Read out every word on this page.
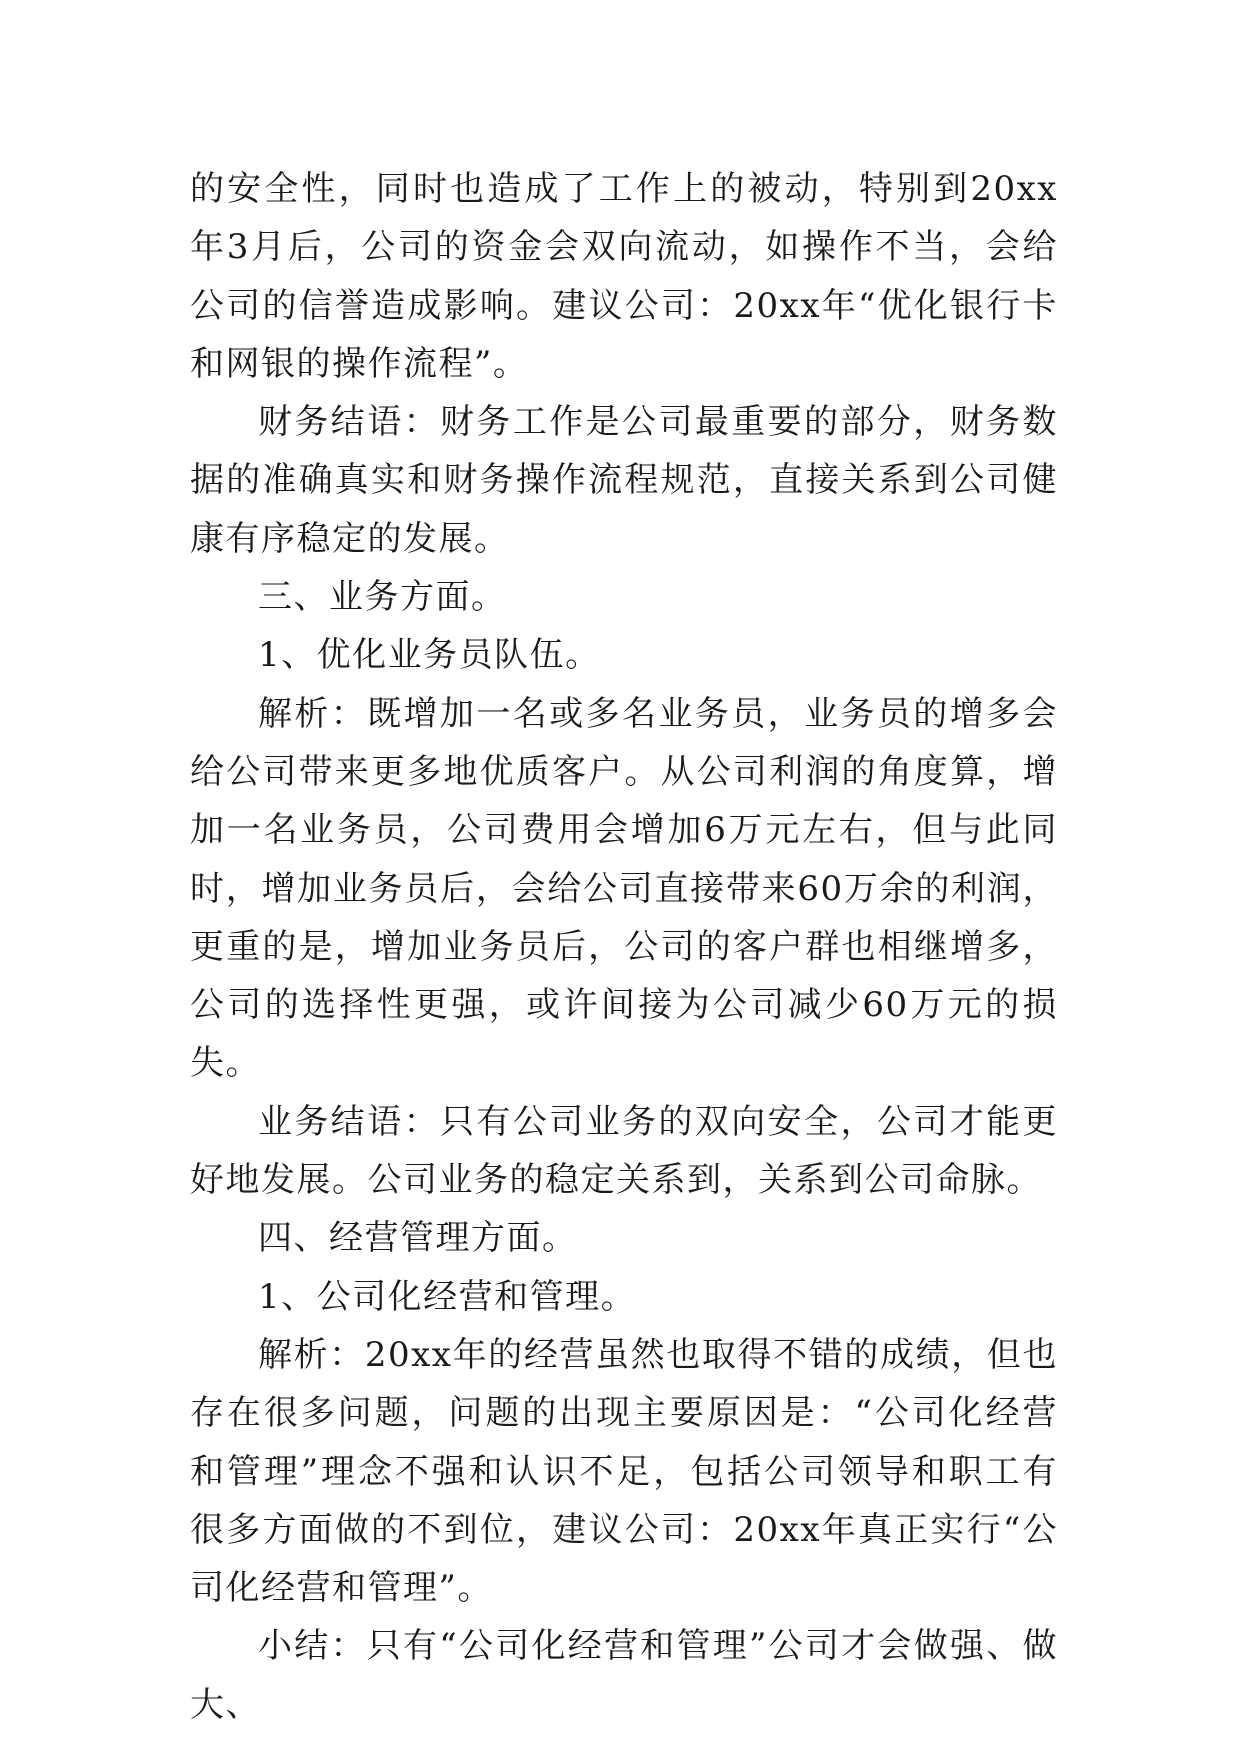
的安全性，同时也造成了工作上的被动，特别到20xx年3月后，公司的资金会双向流动，如操作不当，会给公司的信誉造成影响。建议公司：20xx年“优化银行卡和网银的操作流程”。

财务结语：财务工作是公司最重要的部分，财务数据的准确真实和财务操作流程规范，直接关系到公司健康有序稳定的发展。

三、业务方面。

1、优化业务员队伍。

解析：既增加一名或多名业务员，业务员的增多会给公司带来更多地优质客户。从公司利润的角度算，增加一名业务员，公司费用会增加6万元左右，但与此同时，增加业务员后，会给公司直接带来60万余的利润，更重的是，增加业务员后，公司的客户群也相继增多，公司的选择性更强，或许间接为公司减少60万元的损失。

业务结语：只有公司业务的双向安全，公司才能更好地发展。公司业务的稳定关系到，关系到公司命脉。

四、经营管理方面。

1、公司化经营和管理。

解析：20xx年的经营虽然也取得不错的成绩，但也存在很多问题，问题的出现主要原因是：“公司化经营和管理”理念不强和认识不足，包括公司领导和职工有很多方面做的不到位，建议公司：20xx年真正实行“公司化经营和管理”。

小结：只有“公司化经营和管理”公司才会做强、做大、
